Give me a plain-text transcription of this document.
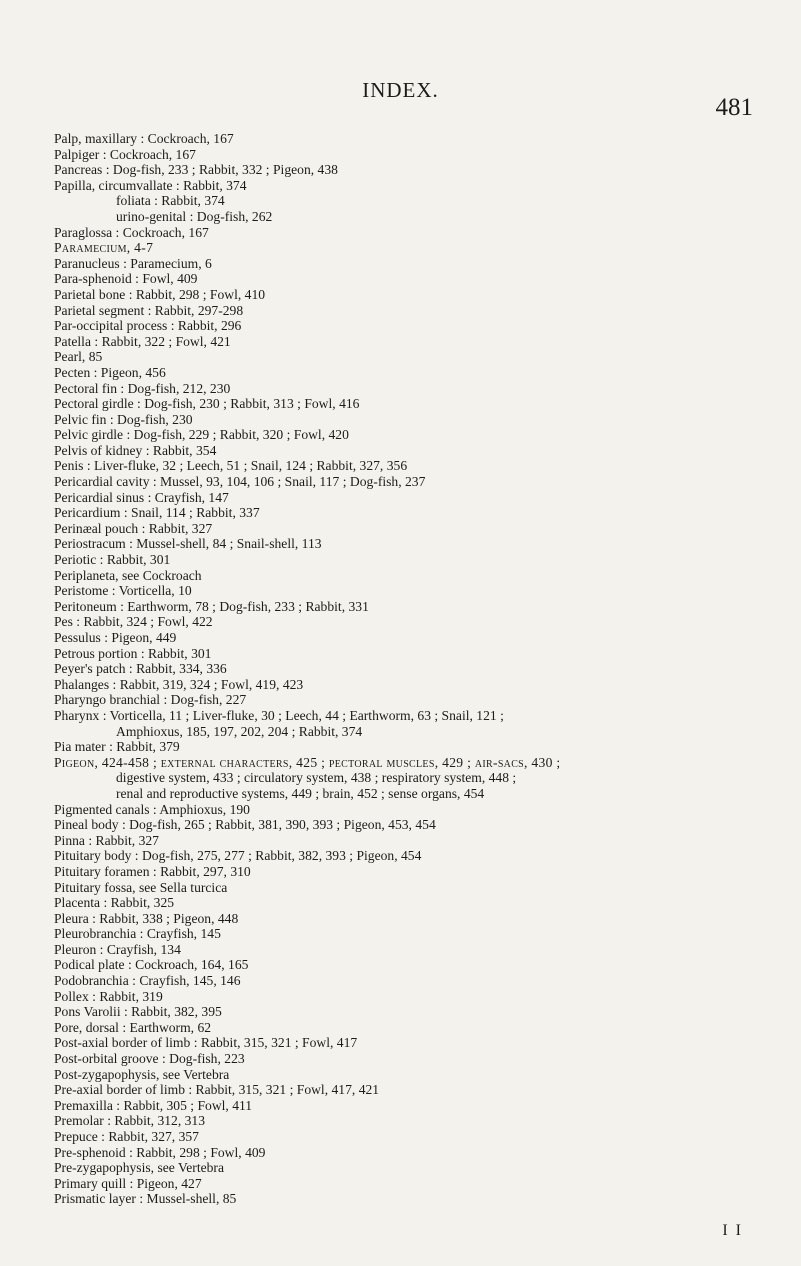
INDEX.
481
Palp, maxillary : Cockroach, 167
Palpiger : Cockroach, 167
Pancreas : Dog-fish, 233 ; Rabbit, 332 ; Pigeon, 438
Papilla, circumvallate : Rabbit, 374
foliata : Rabbit, 374
urino-genital : Dog-fish, 262
Paraglossa : Cockroach, 167
Paramecium, 4-7
Paranucleus : Paramecium, 6
Para-sphenoid : Fowl, 409
Parietal bone : Rabbit, 298 ; Fowl, 410
Parietal segment : Rabbit, 297-298
Par-occipital process : Rabbit, 296
Patella : Rabbit, 322 ; Fowl, 421
Pearl, 85
Pecten : Pigeon, 456
Pectoral fin : Dog-fish, 212, 230
Pectoral girdle : Dog-fish, 230 ; Rabbit, 313 ; Fowl, 416
Pelvic fin : Dog-fish, 230
Pelvic girdle : Dog-fish, 229 ; Rabbit, 320 ; Fowl, 420
Pelvis of kidney : Rabbit, 354
Penis : Liver-fluke, 32 ; Leech, 51 ; Snail, 124 ; Rabbit, 327, 356
Pericardial cavity : Mussel, 93, 104, 106 ; Snail, 117 ; Dog-fish, 237
Pericardial sinus : Crayfish, 147
Pericardium : Snail, 114 ; Rabbit, 337
Perinæal pouch : Rabbit, 327
Periostracum : Mussel-shell, 84 ; Snail-shell, 113
Periotic : Rabbit, 301
Periplaneta, see Cockroach
Peristome : Vorticella, 10
Peritoneum : Earthworm, 78 ; Dog-fish, 233 ; Rabbit, 331
Pes : Rabbit, 324 ; Fowl, 422
Pessulus : Pigeon, 449
Petrous portion : Rabbit, 301
Peyer's patch : Rabbit, 334, 336
Phalanges : Rabbit, 319, 324 ; Fowl, 419, 423
Pharyngo branchial : Dog-fish, 227
Pharynx : Vorticella, 11 ; Liver-fluke, 30 ; Leech, 44 ; Earthworm, 63 ; Snail, 121 ;
Amphioxus, 185, 197, 202, 204 ; Rabbit, 374
Pia mater : Rabbit, 379
Pigeon, 424-458 ; external characters, 425 ; pectoral muscles, 429 ; air-sacs, 430 ;
digestive system, 433 ; circulatory system, 438 ; respiratory system, 448 ;
renal and reproductive systems, 449 ; brain, 452 ; sense organs, 454
Pigmented canals : Amphioxus, 190
Pineal body : Dog-fish, 265 ; Rabbit, 381, 390, 393 ; Pigeon, 453, 454
Pinna : Rabbit, 327
Pituitary body : Dog-fish, 275, 277 ; Rabbit, 382, 393 ; Pigeon, 454
Pituitary foramen : Rabbit, 297, 310
Pituitary fossa, see Sella turcica
Placenta : Rabbit, 325
Pleura : Rabbit, 338 ; Pigeon, 448
Pleurobranchia : Crayfish, 145
Pleuron : Crayfish, 134
Podical plate : Cockroach, 164, 165
Podobranchia : Crayfish, 145, 146
Pollex : Rabbit, 319
Pons Varolii : Rabbit, 382, 395
Pore, dorsal : Earthworm, 62
Post-axial border of limb : Rabbit, 315, 321 ; Fowl, 417
Post-orbital groove : Dog-fish, 223
Post-zygapophysis, see Vertebra
Pre-axial border of limb : Rabbit, 315, 321 ; Fowl, 417, 421
Premaxilla : Rabbit, 305 ; Fowl, 411
Premolar : Rabbit, 312, 313
Prepuce : Rabbit, 327, 357
Pre-sphenoid : Rabbit, 298 ; Fowl, 409
Pre-zygapophysis, see Vertebra
Primary quill : Pigeon, 427
Prismatic layer : Mussel-shell, 85
I I
